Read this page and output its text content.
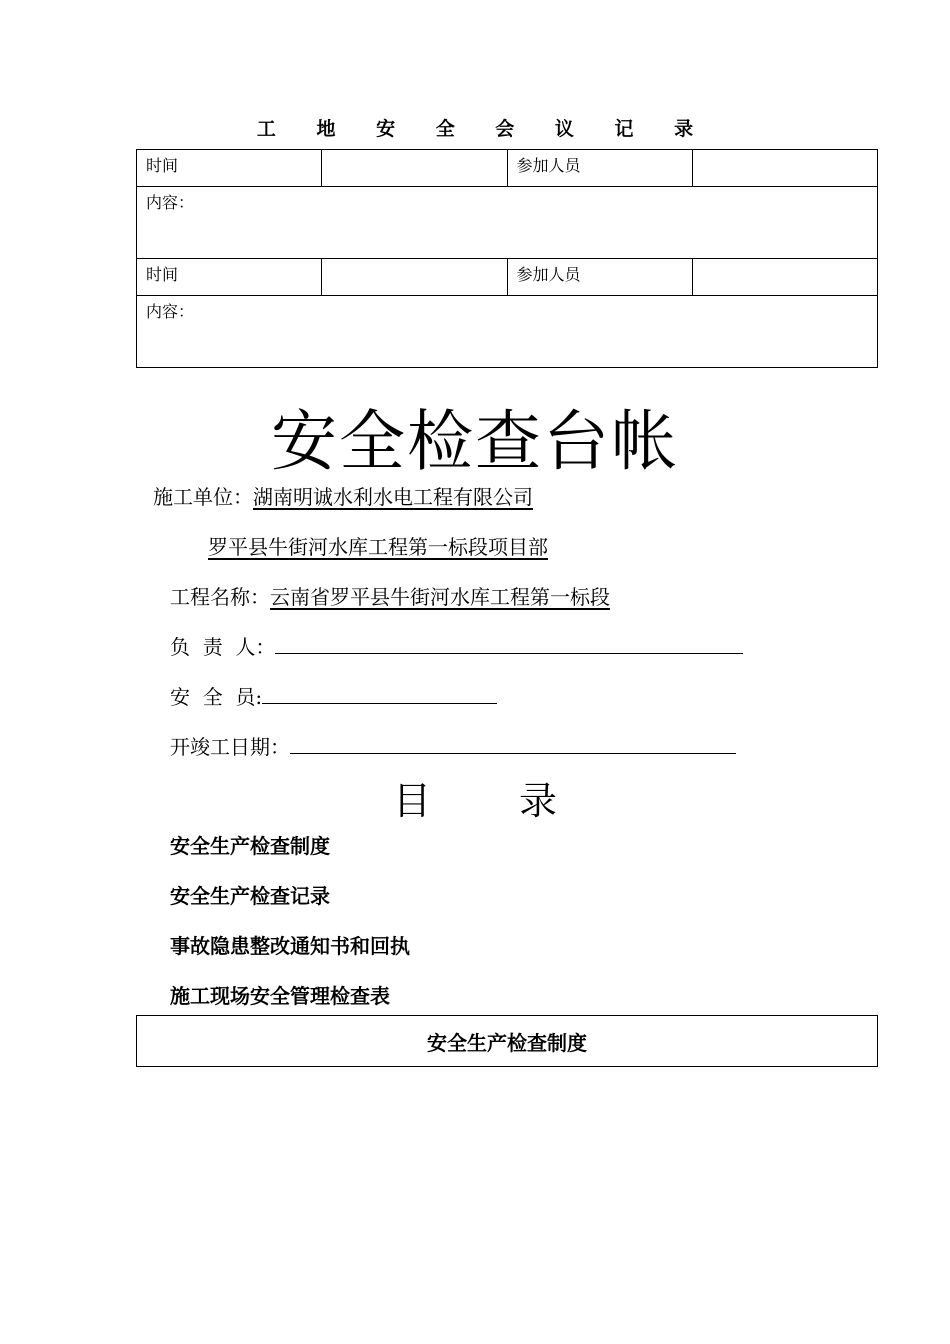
工 地 安 全 会 议 记 录
时间		参加人员	
内容：			
时间		参加人员	
内容：			
安全检查台帐
施工单位：湖南明诚水利水电工程有限公司
罗平县牛街河水库工程第一标段项目部
工程名称：云南省罗平县牛街河水库工程第一标段
负  责  人：
安  全  员:
开竣工日期：
目 录
安全生产检查制度
安全生产检查记录
事故隐患整改通知书和回执
施工现场安全管理检查表
安全生产检查制度
